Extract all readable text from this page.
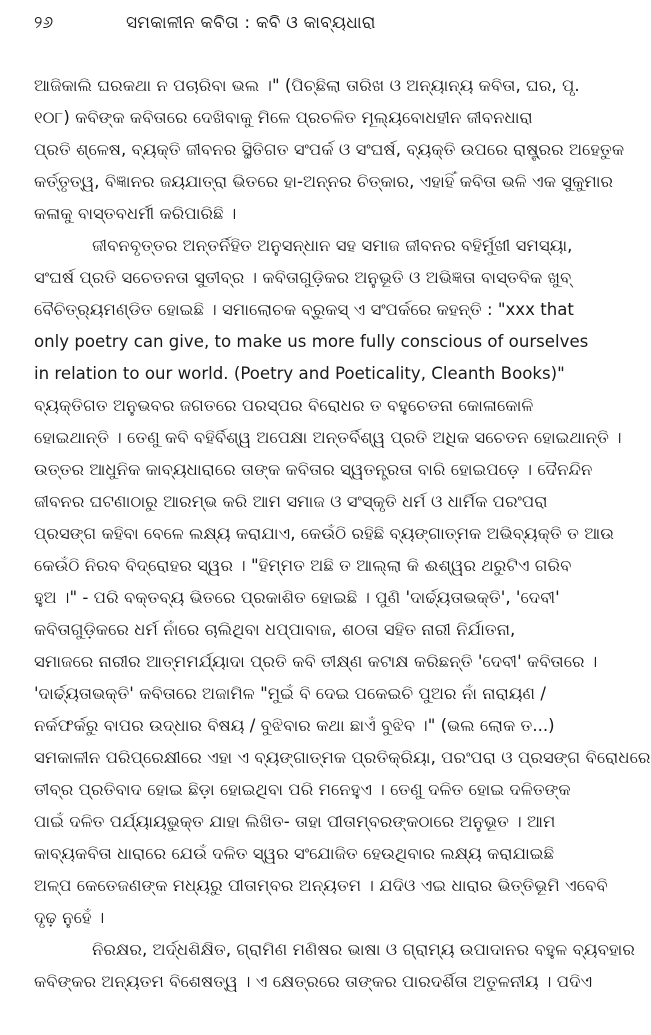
୨୬	ସମକାଳୀନ କବିତା : କବି ଓ କାବ୍ୟଧାରା
ଆଜିକାଲି ଘରକଥା ନ ପଚାରିବା ଭଲ ।" (ପିଚ୍ଛିଲା ତାରିଖ ଓ ଅନ୍ୟାନ୍ୟ କବିତା, ଘର, ପୃ.
୧୦୮) କବିଙ୍କ କବିତାରେ ଦେଖିବାକୁ ମିଳେ ପ୍ରଚଳିତ ମୂଲ୍ୟବୋଧହୀନ ଜୀବନଧାରା
ପ୍ରତି ଶ୍ଳେଷ, ବ୍ୟକ୍ତି ଜୀବନର ସ୍ଥିତିଗତ ସଂପର୍କ ଓ ସଂଘର୍ଷ, ବ୍ୟକ୍ତି ଉପରେ ରାଷ୍ଟ୍ରର ଅହେତୁକ
କର୍ତ୍ତୃତ୍ୱ, ବିଜ୍ଞାନର ଜୟଯାତ୍ରା ଭିତରେ ହା-ଅନ୍ନର ଚିତ୍କାର, ଏହାହିଁ କବିତା ଭଳି ଏକ ସୁକୁମାର
କଳାକୁ ବାସ୍ତବଧର୍ମୀ କରିପାରିଛି ।
ଜୀବନବୃତ୍ତର ଅନ୍ତର୍ନିହିତ ଅନୁସନ୍ଧାନ ସହ ସମାଜ ଜୀବନର ବହିର୍ମୁଖୀ ସମସ୍ୟା,
ସଂଘର୍ଷ ପ୍ରତି ସଚେତନତା ସୁତୀବ୍ର । କବିତାଗୁଡ଼ିକର ଅନୁଭୂତି ଓ ଅଭିଜ୍ଞତା ବାସ୍ତବିକ ଖୁବ୍
ବୈଚିତ୍ର୍ୟମଣ୍ଡିତ ହୋଇଛି । ସମାଲୋଚକ ବ୍ରୁକସ୍ ଏ ସଂପର୍କରେ କହନ୍ତି : "xxx that
only poetry can give, to make us more fully conscious of ourselves
in relation to our world. (Poetry and Poeticality, Cleanth Books)"
ବ୍ୟକ୍ତିଗତ ଅନୁଭବର ଜଗତରେ ପରସ୍ପର ବିରୋଧର ତ ବହୁଚେତନା କୋଳାକୋଳି
ହୋଇଥାନ୍ତି । ତେଣୁ କବି ବହିର୍ବିଶ୍ୱ ଅପେକ୍ଷା ଅନ୍ତର୍ବିଶ୍ୱ ପ୍ରତି ଅଧିକ ସଚେତନ ହୋଇଥାନ୍ତି ।
ଉତ୍ତର ଆଧୁନିକ କାବ୍ୟଧାରାରେ ତାଙ୍କ କବିତାର ସ୍ୱତନ୍ତ୍ରତା ବାରି ହୋଇପଡ଼େ । ଦୈନନ୍ଦିନ
ଜୀବନର ଘଟଣାଠାରୁ ଆରମ୍ଭ କରି ଆମ ସମାଜ ଓ ସଂସ୍କୃତି ଧର୍ମ ଓ ଧାର୍ମିକ ପରଂପରା
ପ୍ରସଙ୍ଗ କହିବା ବେଳେ ଲକ୍ଷ୍ୟ କରାଯାଏ, କେଉଁଠି ରହିଛି ବ୍ୟଙ୍ଗାତ୍ମକ ଅଭିବ୍ୟକ୍ତି ତ ଆଉ
କେଉଁଠି ନିରବ ବିଦ୍ରୋହର ସ୍ୱର । "ହିମ୍ମତ ଅଛି ତ ଆଲ୍ଲା କି ଈଶ୍ୱର ଥରୁଟିଏ ଗରିବ
ହୁଅ ।" - ପରି ବକ୍ତବ୍ୟ ଭିତରେ ପ୍ରକାଶିତ ହୋଇଛି । ପୁଣି 'ଦାର୍ଢ୍ୟତାଭକ୍ତି', 'ଦେବୀ'
କବିତାଗୁଡ଼ିକରେ ଧର୍ମ ନାଁରେ ଚାଲିଥିବା ଧପ୍ପାବାଜ, ଶଠତା ସହିତ ନାରୀ ନିର୍ଯାତନା,
ସମାଜରେ ନାରୀର ଆତ୍ମମର୍ଯ୍ୟାଦା ପ୍ରତି କବି ତୀକ୍ଷ୍ଣ କଟାକ୍ଷ କରିଛନ୍ତି 'ଦେବୀ' କବିତାରେ ।
'ଦାର୍ଢ୍ୟତାଭକ୍ତି' କବିତାରେ ଅଜାମିଳ "ମୁଇଁ ବି ଦେଇ ପକେଇଚି ପୁଅର ନାଁ ନାରାୟଣ /
ନର୍କଫର୍କରୁ ବାପର ଉଦ୍ଧାର ବିଷୟ / ବୁଝିବାର କଥା ଛାଏଁ ବୁଝିବ ।" (ଭଲ ଲୋକ ତ...)
ସମକାଳୀନ ପରିପ୍ରେକ୍ଷୀରେ ଏହା ଏ ବ୍ୟଙ୍ଗାତ୍ମକ ପ୍ରତିକ୍ରିୟା, ପରଂପରା ଓ ପ୍ରସଙ୍ଗ ବିରୋଧରେ
ତୀବ୍ର ପ୍ରତିବାଦ ହୋଇ ଛିଡ଼ା ହୋଇଥିବା ପରି ମନେହୁଏ । ତେଣୁ ଦଳିତ ହୋଇ ଦଳିତଙ୍କ
ପାଇଁ ଦଳିତ ପର୍ଯ୍ୟାୟଭୁକ୍ତ ଯାହା ଲିଖିତ- ତାହା ପୀତାମ୍ବରଙ୍କଠାରେ ଅନୁଭୂତ । ଆମ
କାବ୍ୟକବିତା ଧାରାରେ ଯେଉଁ ଦଳିତ ସ୍ୱର ସଂଯୋଜିତ ହେଉଥିବାର ଲକ୍ଷ୍ୟ କରାଯାଇଛି
ଅଳ୍ପ କେତେଜଣଙ୍କ ମଧ୍ୟରୁ ପୀତାମ୍ବର ଅନ୍ୟତମ । ଯଦିଓ ଏଇ ଧାରାର ଭିତ୍ତିଭୂମି ଏବେବି
ଦୃଢ଼ ନୁହେଁ ।
ନିରକ୍ଷର, ଅର୍ଦ୍ଧଶିକ୍ଷିତ, ଗ୍ରାମିଣ ମଣିଷର ଭାଷା ଓ ଗ୍ରାମ୍ୟ ଉପାଦାନର ବହୁଳ ବ୍ୟବହାର
କବିଙ୍କର ଅନ୍ୟତମ ବିଶେଷତ୍ୱ । ଏ କ୍ଷେତ୍ରରେ ତାଙ୍କର ପାରଦର୍ଶିତା ଅତୁଳନୀୟ । ପଦିଏ
